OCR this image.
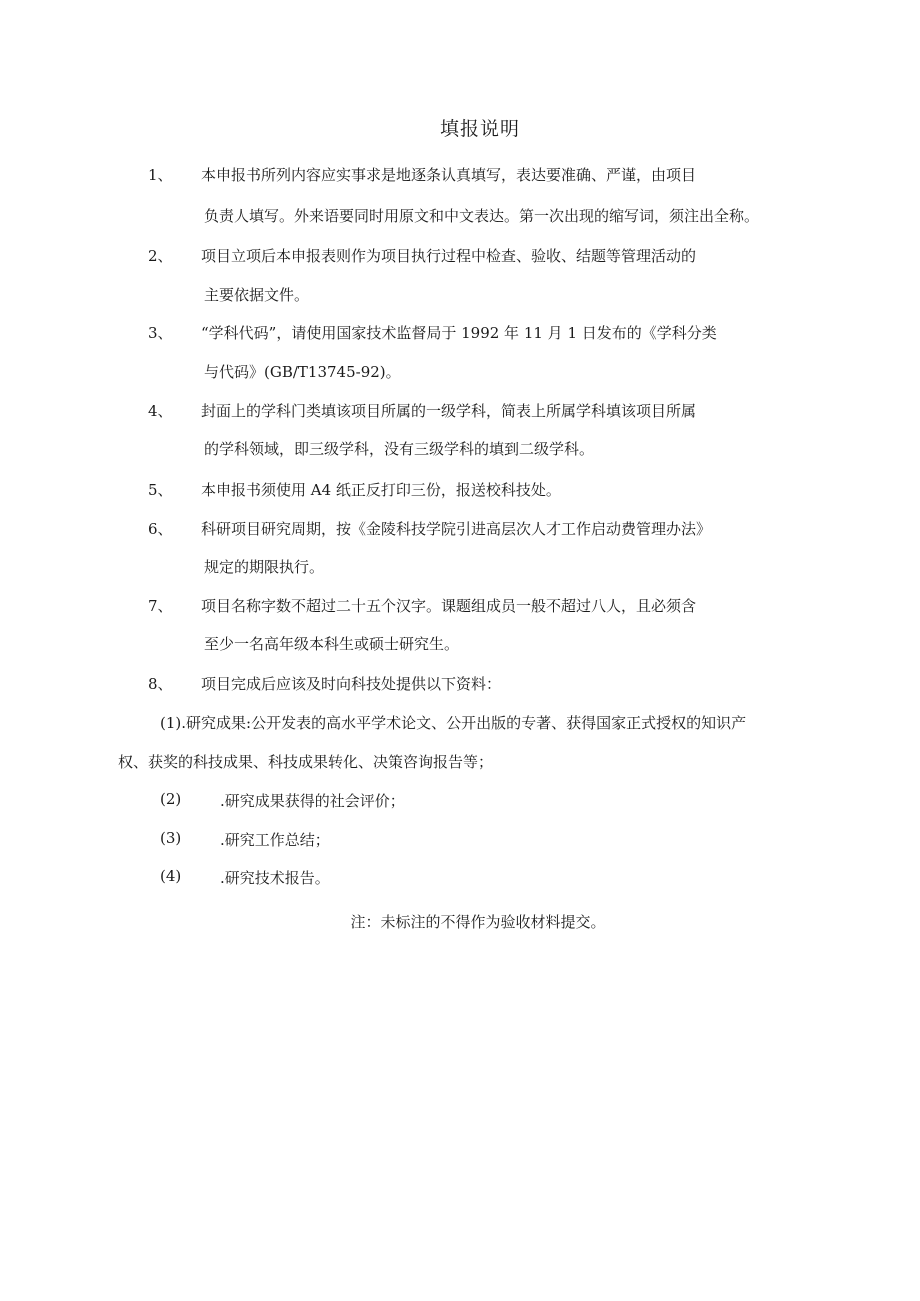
填报说明
1、 本申报书所列内容应实事求是地逐条认真填写，表达要准确、严谨，由项目
负责人填写。外来语要同时用原文和中文表达。第一次出现的缩写词，须注出全称。
2、 项目立项后本申报表则作为项目执行过程中检查、验收、结题等管理活动的
主要依据文件。
3、 “学科代码”，请使用国家技术监督局于 1992 年 11 月 1 日发布的《学科分类
与代码》(GB/T13745-92)。
4、 封面上的学科门类填该项目所属的一级学科，简表上所属学科填该项目所属
的学科领域，即三级学科，没有三级学科的填到二级学科。
5、 本申报书须使用 A4 纸正反打印三份，报送校科技处。
6、 科研项目研究周期，按《金陵科技学院引进高层次人才工作启动费管理办法》
规定的期限执行。
7、 项目名称字数不超过二十五个汉字。课题组成员一般不超过八人，且必须含
至少一名高年级本科生或硕士研究生。
8、 项目完成后应该及时向科技处提供以下资料：
(1).研究成果:公开发表的高水平学术论文、公开出版的专著、获得国家正式授权的知识产
权、获奖的科技成果、科技成果转化、决策咨询报告等；
(2)	.研究成果获得的社会评价；
(3)	.研究工作总结；
(4)	.研究技术报告。
注：未标注的不得作为验收材料提交。
